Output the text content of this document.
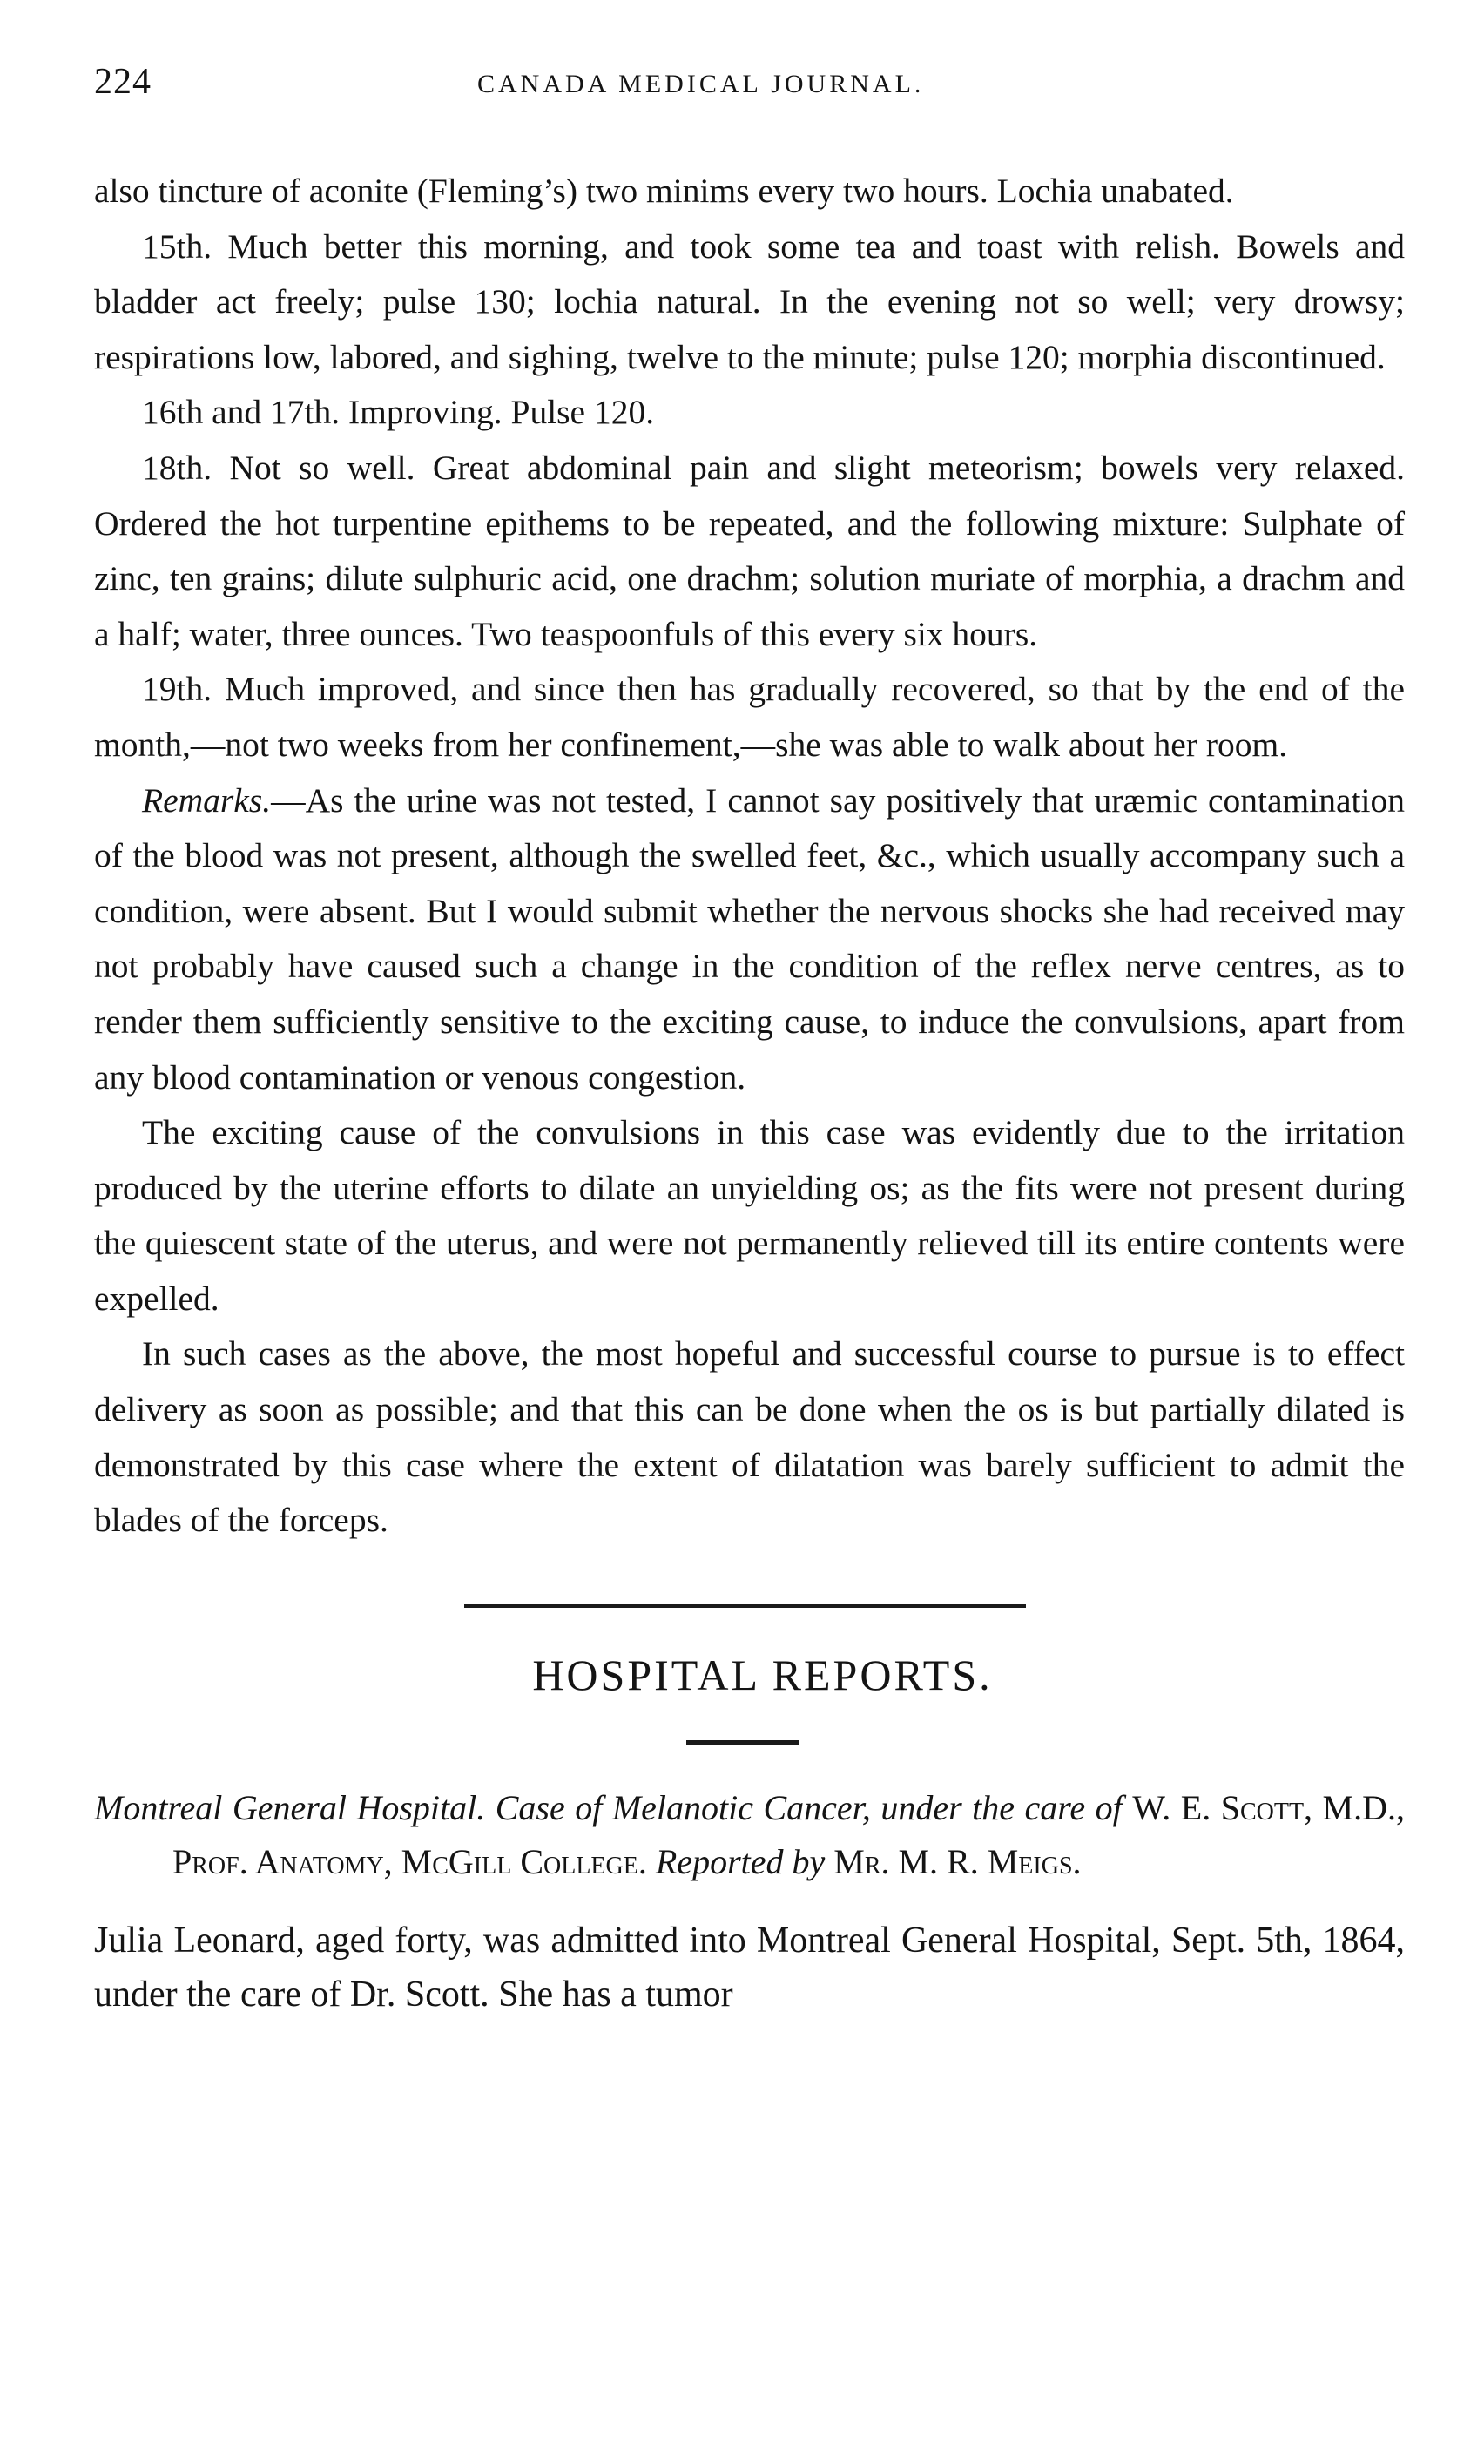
224	CANADA MEDICAL JOURNAL.

also tincture of aconite (Fleming’s) two minims every two hours. Lochia unabated.

15th. Much better this morning, and took some tea and toast with relish. Bowels and bladder act freely; pulse 130; lochia natural. In the evening not so well; very drowsy; respirations low, labored, and sighing, twelve to the minute; pulse 120; morphia discontinued.

16th and 17th. Improving. Pulse 120.

18th. Not so well. Great abdominal pain and slight meteorism; bowels very relaxed. Ordered the hot turpentine epithems to be repeated, and the following mixture: Sulphate of zinc, ten grains; dilute sulphuric acid, one drachm; solution muriate of morphia, a drachm and a half; water, three ounces. Two teaspoonfuls of this every six hours.

19th. Much improved, and since then has gradually recovered, so that by the end of the month,—not two weeks from her confinement,—she was able to walk about her room.

Remarks.—As the urine was not tested, I cannot say positively that uræmic contamination of the blood was not present, although the swelled feet, &c., which usually accompany such a condition, were absent. But I would submit whether the nervous shocks she had received may not probably have caused such a change in the condition of the reflex nerve centres, as to render them sufficiently sensitive to the exciting cause, to induce the convulsions, apart from any blood contamination or venous congestion.

The exciting cause of the convulsions in this case was evidently due to the irritation produced by the uterine efforts to dilate an unyielding os; as the fits were not present during the quiescent state of the uterus, and were not permanently relieved till its entire contents were expelled.

In such cases as the above, the most hopeful and successful course to pursue is to effect delivery as soon as possible; and that this can be done when the os is but partially dilated is demonstrated by this case where the extent of dilatation was barely sufficient to admit the blades of the forceps.

HOSPITAL REPORTS.
Montreal General Hospital. Case of Melanotic Cancer, under the care of W. E. Scott, M.D., Prof. Anatomy, McGill College. Reported by Mr. M. R. Meigs.

Julia Leonard, aged forty, was admitted into Montreal General Hospital, Sept. 5th, 1864, under the care of Dr. Scott. She has a tumor
